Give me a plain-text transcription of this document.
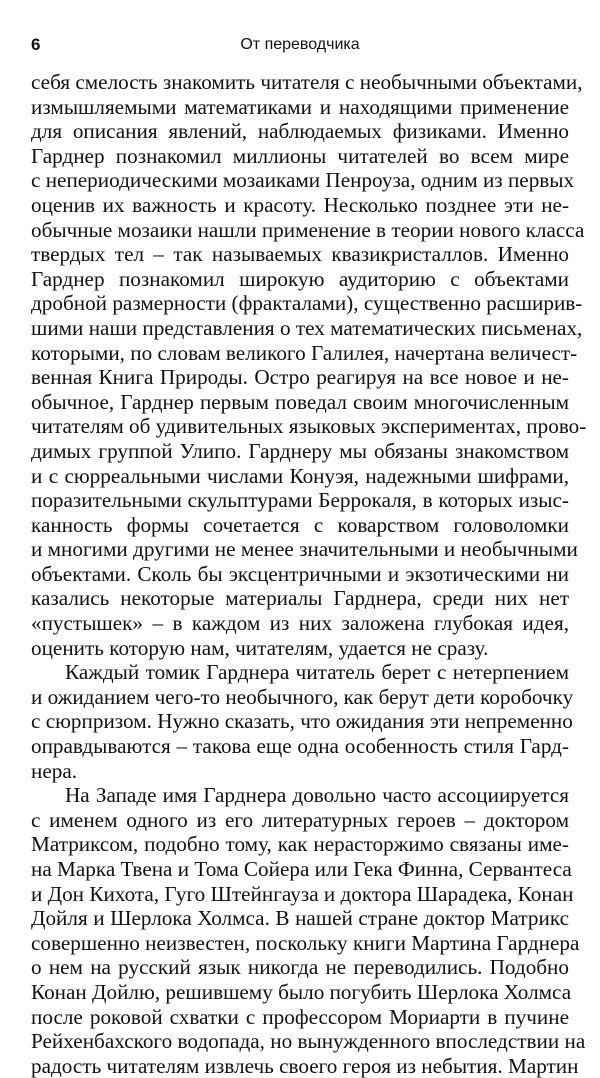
6	От переводчика
себя смелость знакомить читателя с необычными объектами,
измышляемыми математиками и находящими применение
для описания явлений, наблюдаемых физиками. Именно
Гарднер познакомил миллионы читателей во всем мире
с непериодическими мозаиками Пенроуза, одним из первых
оценив их важность и красоту. Несколько позднее эти не-
обычные мозаики нашли применение в теории нового класса
твердых тел – так называемых квазикристаллов. Именно
Гарднер познакомил широкую аудиторию с объектами
дробной размерности (фракталами), существенно расширив-
шими наши представления о тех математических письменах,
которыми, по словам великого Галилея, начертана величест-
венная Книга Природы. Остро реагируя на все новое и не-
обычное, Гарднер первым поведал своим многочисленным
читателям об удивительных языковых экспериментах, прово-
димых группой Улипо. Гарднеру мы обязаны знакомством
и с сюрреальными числами Конуэя, надежными шифрами,
поразительными скульптурами Беррокаля, в которых изыс-
канность формы сочетается с коварством головоломки
и многими другими не менее значительными и необычными
объектами. Сколь бы эксцентричными и экзотическими ни
казались некоторые материалы Гарднера, среди них нет
«пустышек» – в каждом из них заложена глубокая идея,
оценить которую нам, читателям, удается не сразу.
Каждый томик Гарднера читатель берет с нетерпением
и ожиданием чего-то необычного, как берут дети коробочку
с сюрпризом. Нужно сказать, что ожидания эти непременно
оправдываются – такова еще одна особенность стиля Гард-
нера.
На Западе имя Гарднера довольно часто ассоциируется
с именем одного из его литературных героев – доктором
Матриксом, подобно тому, как нерасторжимо связаны име-
на Марка Твена и Тома Сойера или Гека Финна, Сервантеса
и Дон Кихота, Гуго Штейнгауза и доктора Шарадека, Конан
Дойля и Шерлока Холмса. В нашей стране доктор Матрикс
совершенно неизвестен, поскольку книги Мартина Гарднера
о нем на русский язык никогда не переводились. Подобно
Конан Дойлю, решившему было погубить Шерлока Холмса
после роковой схватки с профессором Мориарти в пучине
Рейхенбахского водопада, но вынужденного впоследствии на
радость читателям извлечь своего героя из небытия. Мартин
